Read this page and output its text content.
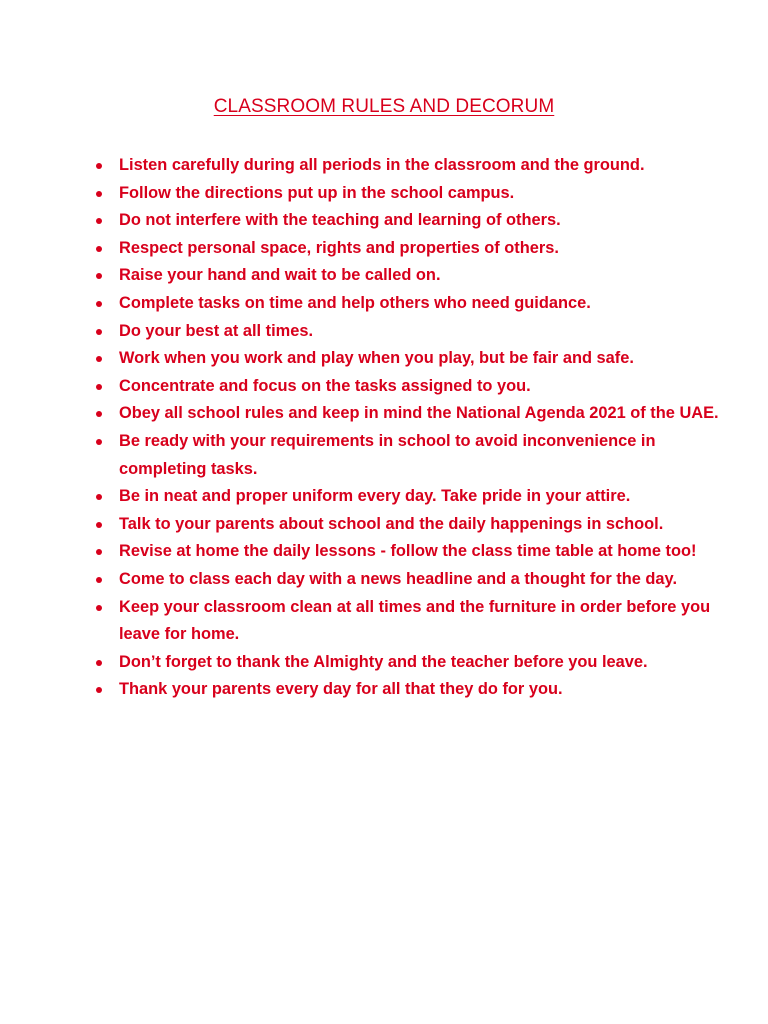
CLASSROOM RULES AND DECORUM
Listen carefully during all periods in the classroom and the ground.
Follow the directions put up in the school campus.
Do not interfere with the teaching and learning of others.
Respect personal space, rights and properties of others.
Raise your hand and wait to be called on.
Complete tasks on time and help others who need guidance.
Do your best at all times.
Work when you work and play when you play, but be fair and safe.
Concentrate and focus on the tasks assigned to you.
Obey all school rules and keep in mind the National Agenda 2021 of the UAE.
Be ready with your requirements in school to avoid inconvenience in completing tasks.
Be in neat and proper uniform every day. Take pride in your attire.
Talk to your parents about school and the daily happenings in school.
Revise at home the daily lessons - follow the class time table at home too!
Come to class each day with a news headline and a thought for the day.
Keep your classroom clean at all times and the furniture in order before you leave for home.
Don’t forget to thank the Almighty and the teacher before you leave.
Thank your parents every day for all that they do for you.
